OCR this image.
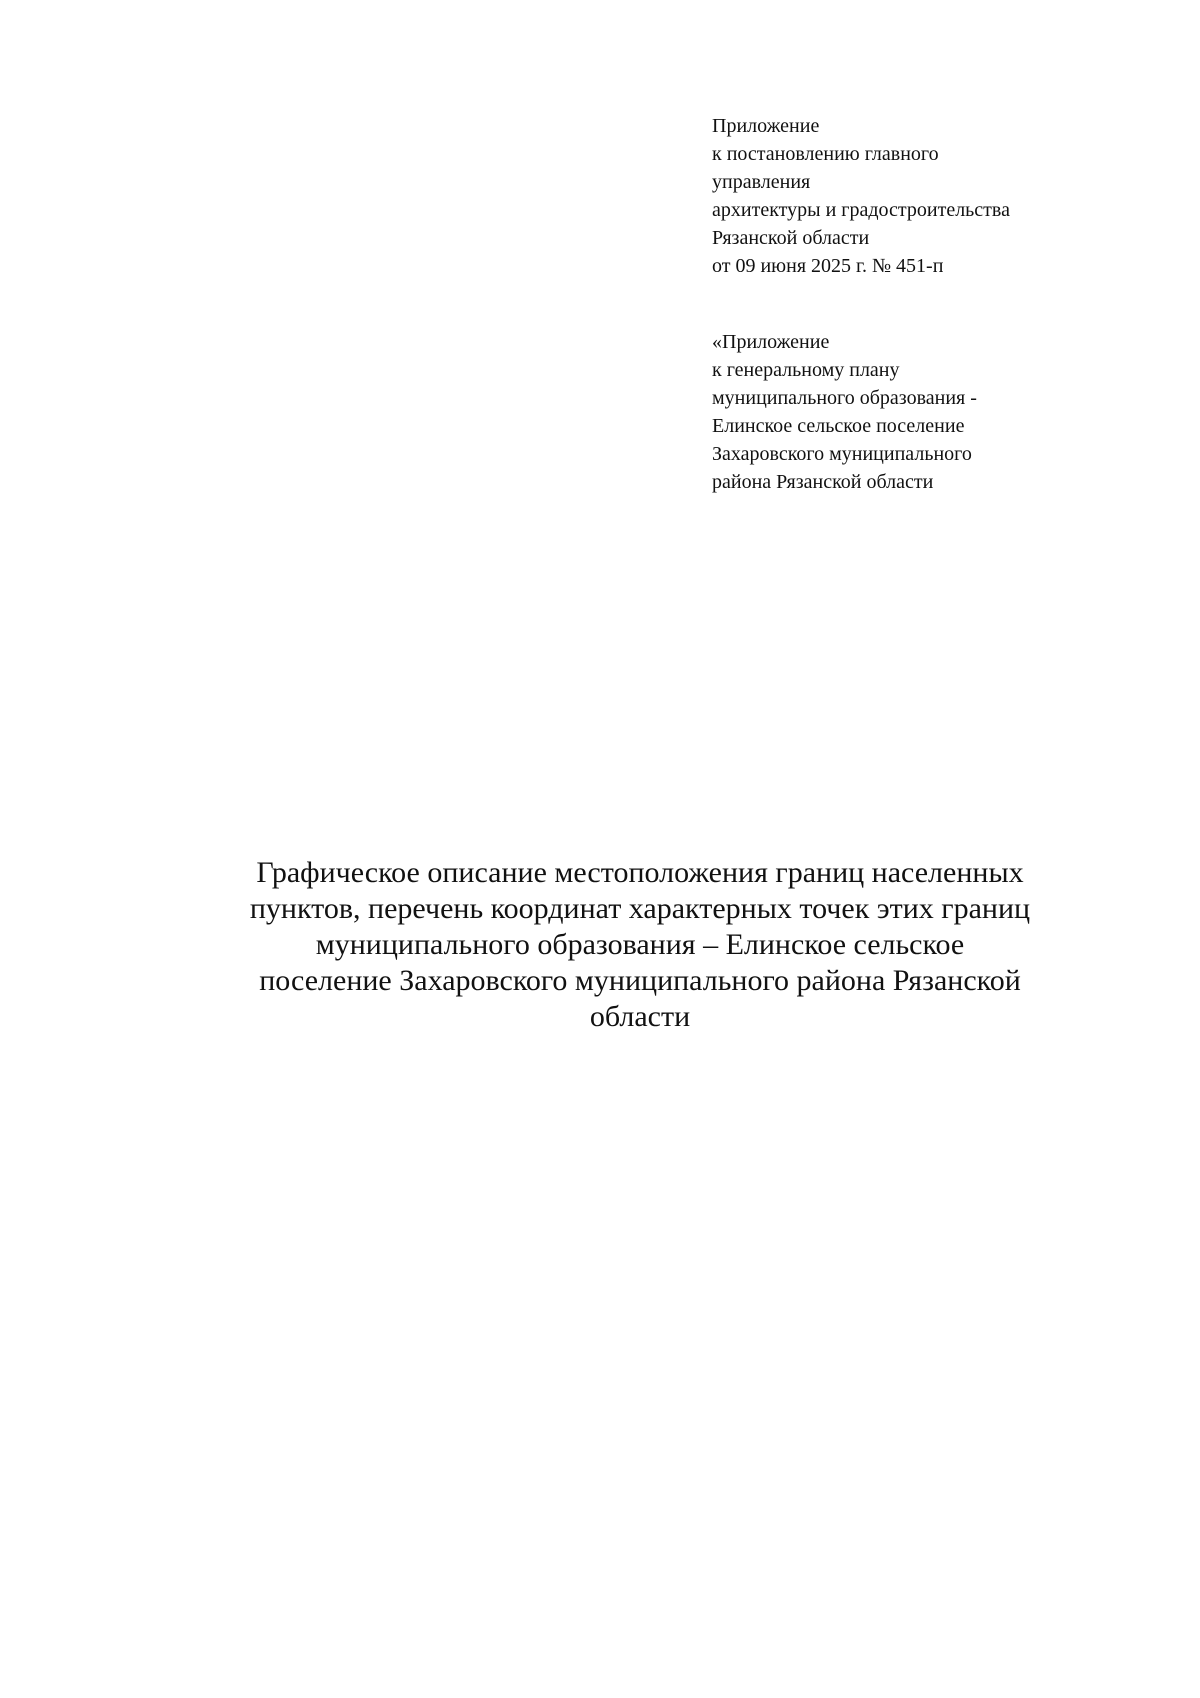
Приложение
к постановлению главного
управления
архитектуры и градостроительства
Рязанской области
от 09 июня 2025 г. № 451-п
«Приложение
к генеральному плану
муниципального образования -
Елинское сельское поселение
Захаровского муниципального
района Рязанской области
Графическое описание местоположения границ населенных
пунктов, перечень координат характерных точек этих границ
муниципального образования – Елинское сельское
поселение Захаровского муниципального района Рязанской
области
